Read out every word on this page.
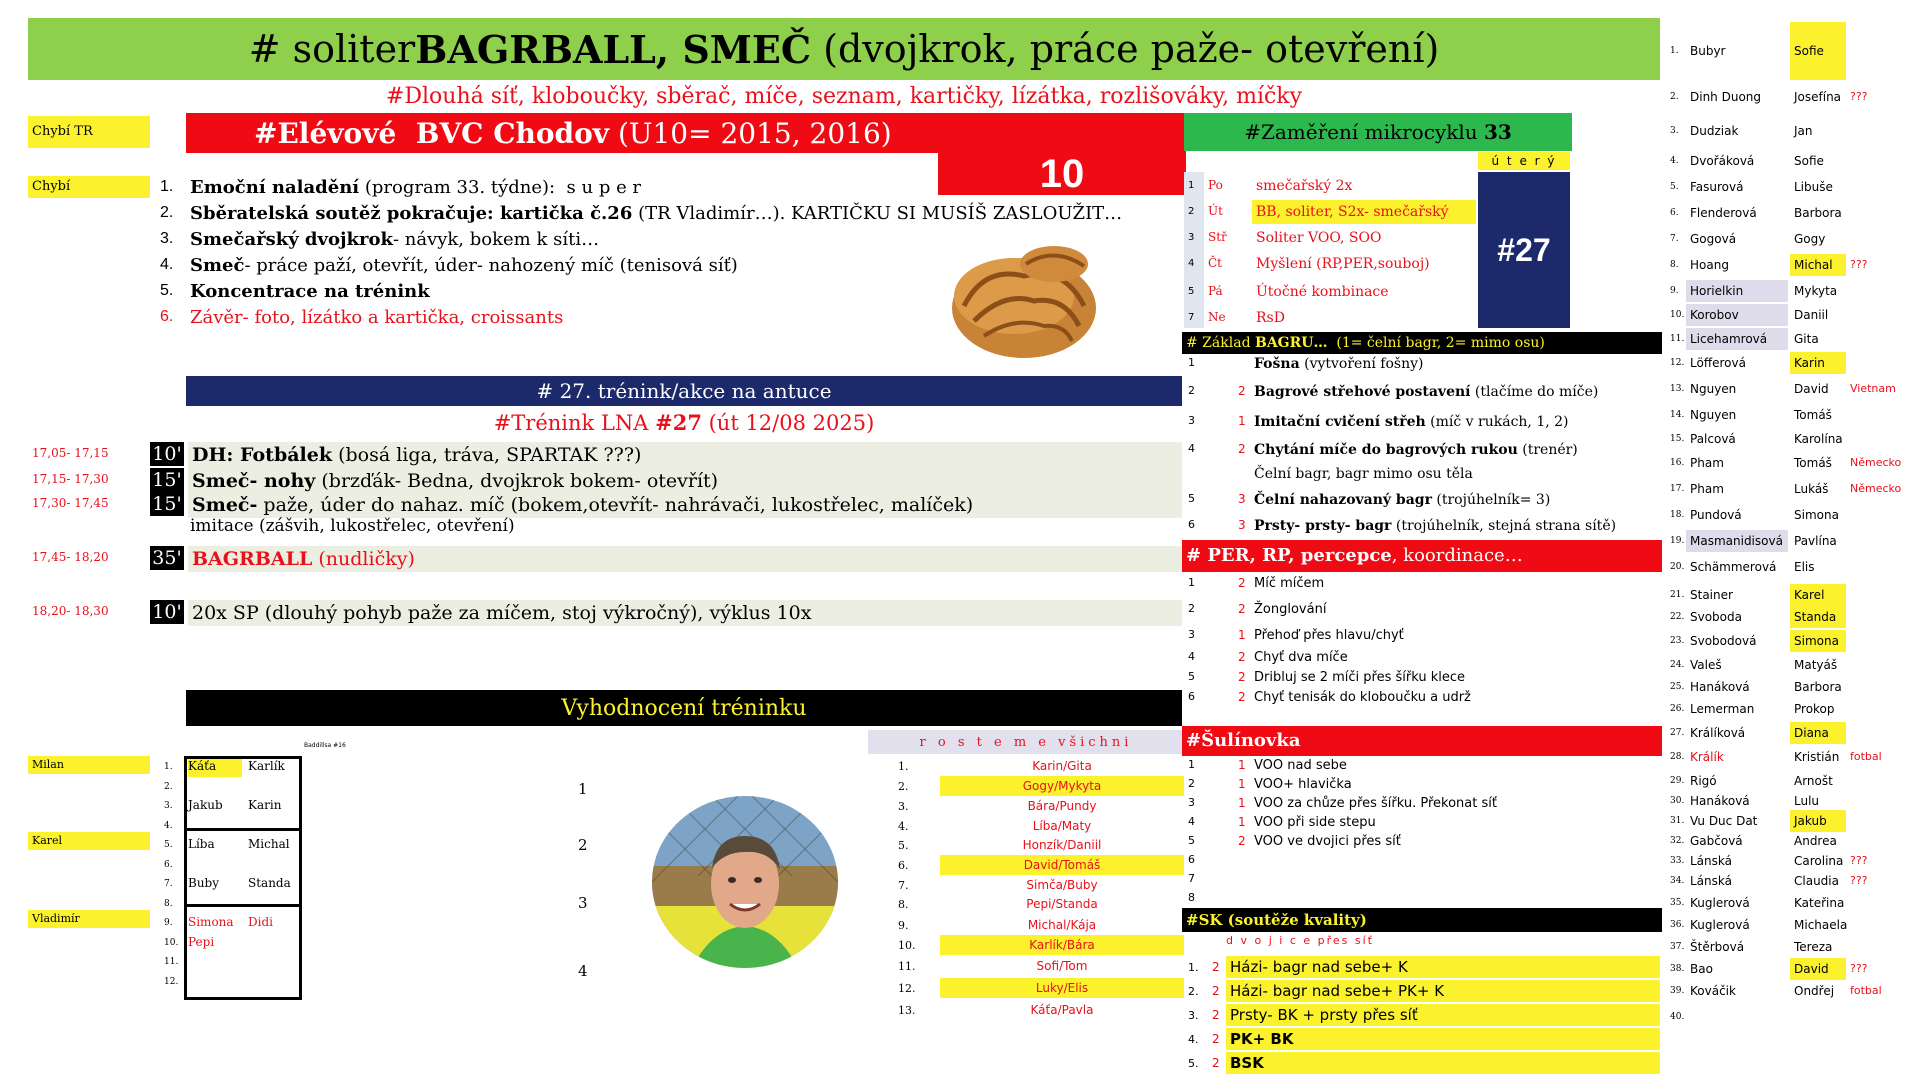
# soliter BAGRBALL, SMEČ (dvojkrok, práce paže- otevření)
#Dlouhá síť, kloboučky, sběrač, míče, seznam, kartičky, lízátka, rozlišováky, míčky
Chybí TR
Chybí
#Elévové  BVC Chodov (U10= 2015, 2016)
10
1. Emoční naladění (program 33. týdne):  s u p e r
2. Sběratelská soutěž pokračuje: kartička č.26 (TR Vladimír…). KARTIČKU SI MUSÍŠ ZASLOUŽIT…
3. Smečařský dvojkrok - návyk, bokem k síti…
4. Smeč - práce paží, otevřít, úder- nahozený míč (tenisová síť)
5. Koncentrace na trénink
6. Závěr- foto, lízátko a kartička, croissants
# 27. trénink/akce na antuce
#Trénink LNA #27 (út 12/08 2025)
17,05- 17,15	10' DH: Fotbálek (bosá liga, tráva, SPARTAK ???)
17,15- 17,30	15' Smeč- nohy (brzďák- Bedna, dvojkrok bokem- otevřít)
17,30- 17,45	15' Smeč- paže, úder do nahaz. míč (bokem,otevřít- nahrávači, lukostřelec, malíček)
17,45- 18,20	35' BAGRBALL (nudličky)
18,20- 18,30	10' 20x SP (dlouhý pohyb paže za míčem, stoj výkročný), výklus 10x
imitace (zášvih, lukostřelec, otevření)
Vyhodnocení tréninku
Baddillsa #16
Milan
Karel
Vladimír
1.	Káťa	Karlík
2.
3.	Jakub	Karin
4.
5.	Líba	Michal
6.
7.	Buby	Standa
8.
9.	Simona	Didi
10. Pepi
11.
12.
1
2
3
4
r o s t e m e všichni
1.	Karin/Gita
2.	Gogy/Mykyta
3.	Bára/Pundy
4.	Líba/Maty
5.	Honzík/Daniil
6.	David/Tomáš
7.	Simča/Buby
8.	Pepi/Standa
9.	Michal/Kája
10.	Karlík/Bára
11.	Sofi/Tom
12.	Luky/Elis
13.	Káťa/Pavla
#Zaměření mikrocyklu 33
ú t e r ý
#27
1	Po	smečařský 2x
2	Út	BB, soliter, S2x- smečařský
3	Stř	Soliter VOO, SOO
4	Čt	Myšlení (RP,PER,souboj)
5	Pá	Útočné kombinace
7	Ne	RsD
# Základ BAGRU…  (1= čelní bagr, 2= mimo osu)
1	Fošna (vytvoření fošny)
2	2 Bagrové střehové postavení (tlačíme do míče)
3	1 Imitační cvičení střeh (míč v rukách, 1, 2)
4	2 Chytání míče do bagrových rukou (trenér)
Čelní bagr, bagr mimo osu těla
5	3 Čelní nahazovaný bagr (trojúhelník= 3)
6	3 Prsty- prsty- bagr (trojúhelník, stejná strana sítě)
# PER, RP, percepce, koordinace…
1	2 Míč míčem
2	2 Žonglování
3	1 Přehoď přes hlavu/chyť
4	2 Chyť dva míče
5	2 Dribluj se 2 míči přes šířku klece
6	2 Chyť tenisák do kloboučku a udrž
#Šulínovka
1	1 VOO nad sebe
2	1 VOO+ hlavička
3	1 VOO za chůze přes šířku. Překonat síť
4	1 VOO při side stepu
5	2 VOO ve dvojici přes síť
6
7
8
#SK (soutěže kvality)
d v o j i c e přes síť
1. 2 Házi- bagr nad sebe+ K
2. 2 Házi- bagr nad sebe+ PK+ K
3. 2 Prsty- BK + prsty přes síť
4. 2 PK+ BK
5. 2 BSK
1. Bubyr	Sofie
2. Dinh Duong	Josefína ???
3. Dudziak	Jan
4. Dvořáková	Sofie
5. Fasurová	Libuše
6. Flenderová	Barbora
7. Gogová	Gogy
8. Hoang	Michal	???
9. Horielkin	Mykyta
10. Korobov	Daniil
11. Licehamrová	Gita
12. Löfferová	Karin
13. Nguyen	David	Vietnam
14. Nguyen	Tomáš
15. Palcová	Karolína
16. Pham	Tomáš	Německo
17. Pham	Lukáš	Německo
18. Pundová	Simona
19. Masmanidisová Pavlína
20. Schämmerová	Elis
21. Stainer	Karel
22. Svoboda	Standa
23. Svobodová	Simona
24. Valeš	Matyáš
25. Hanáková	Barbora
26. Lemerman	Prokop
27. Králíková	Diana
28. Králík	Kristián fotbal
29. Rigó	Arnošt
30. Hanáková	Lulu
31. Vu Duc Dat	Jakub
32. Gabčová	Andrea
33. Lánská	Carolina ???
34. Lánská	Claudia	???
35. Kuglerová	Kateřina
36. Kuglerová	Michaela
37. Štěrbová	Tereza
38. Bao	David	???
39. Kováčik	Ondřej	fotbal
40.
